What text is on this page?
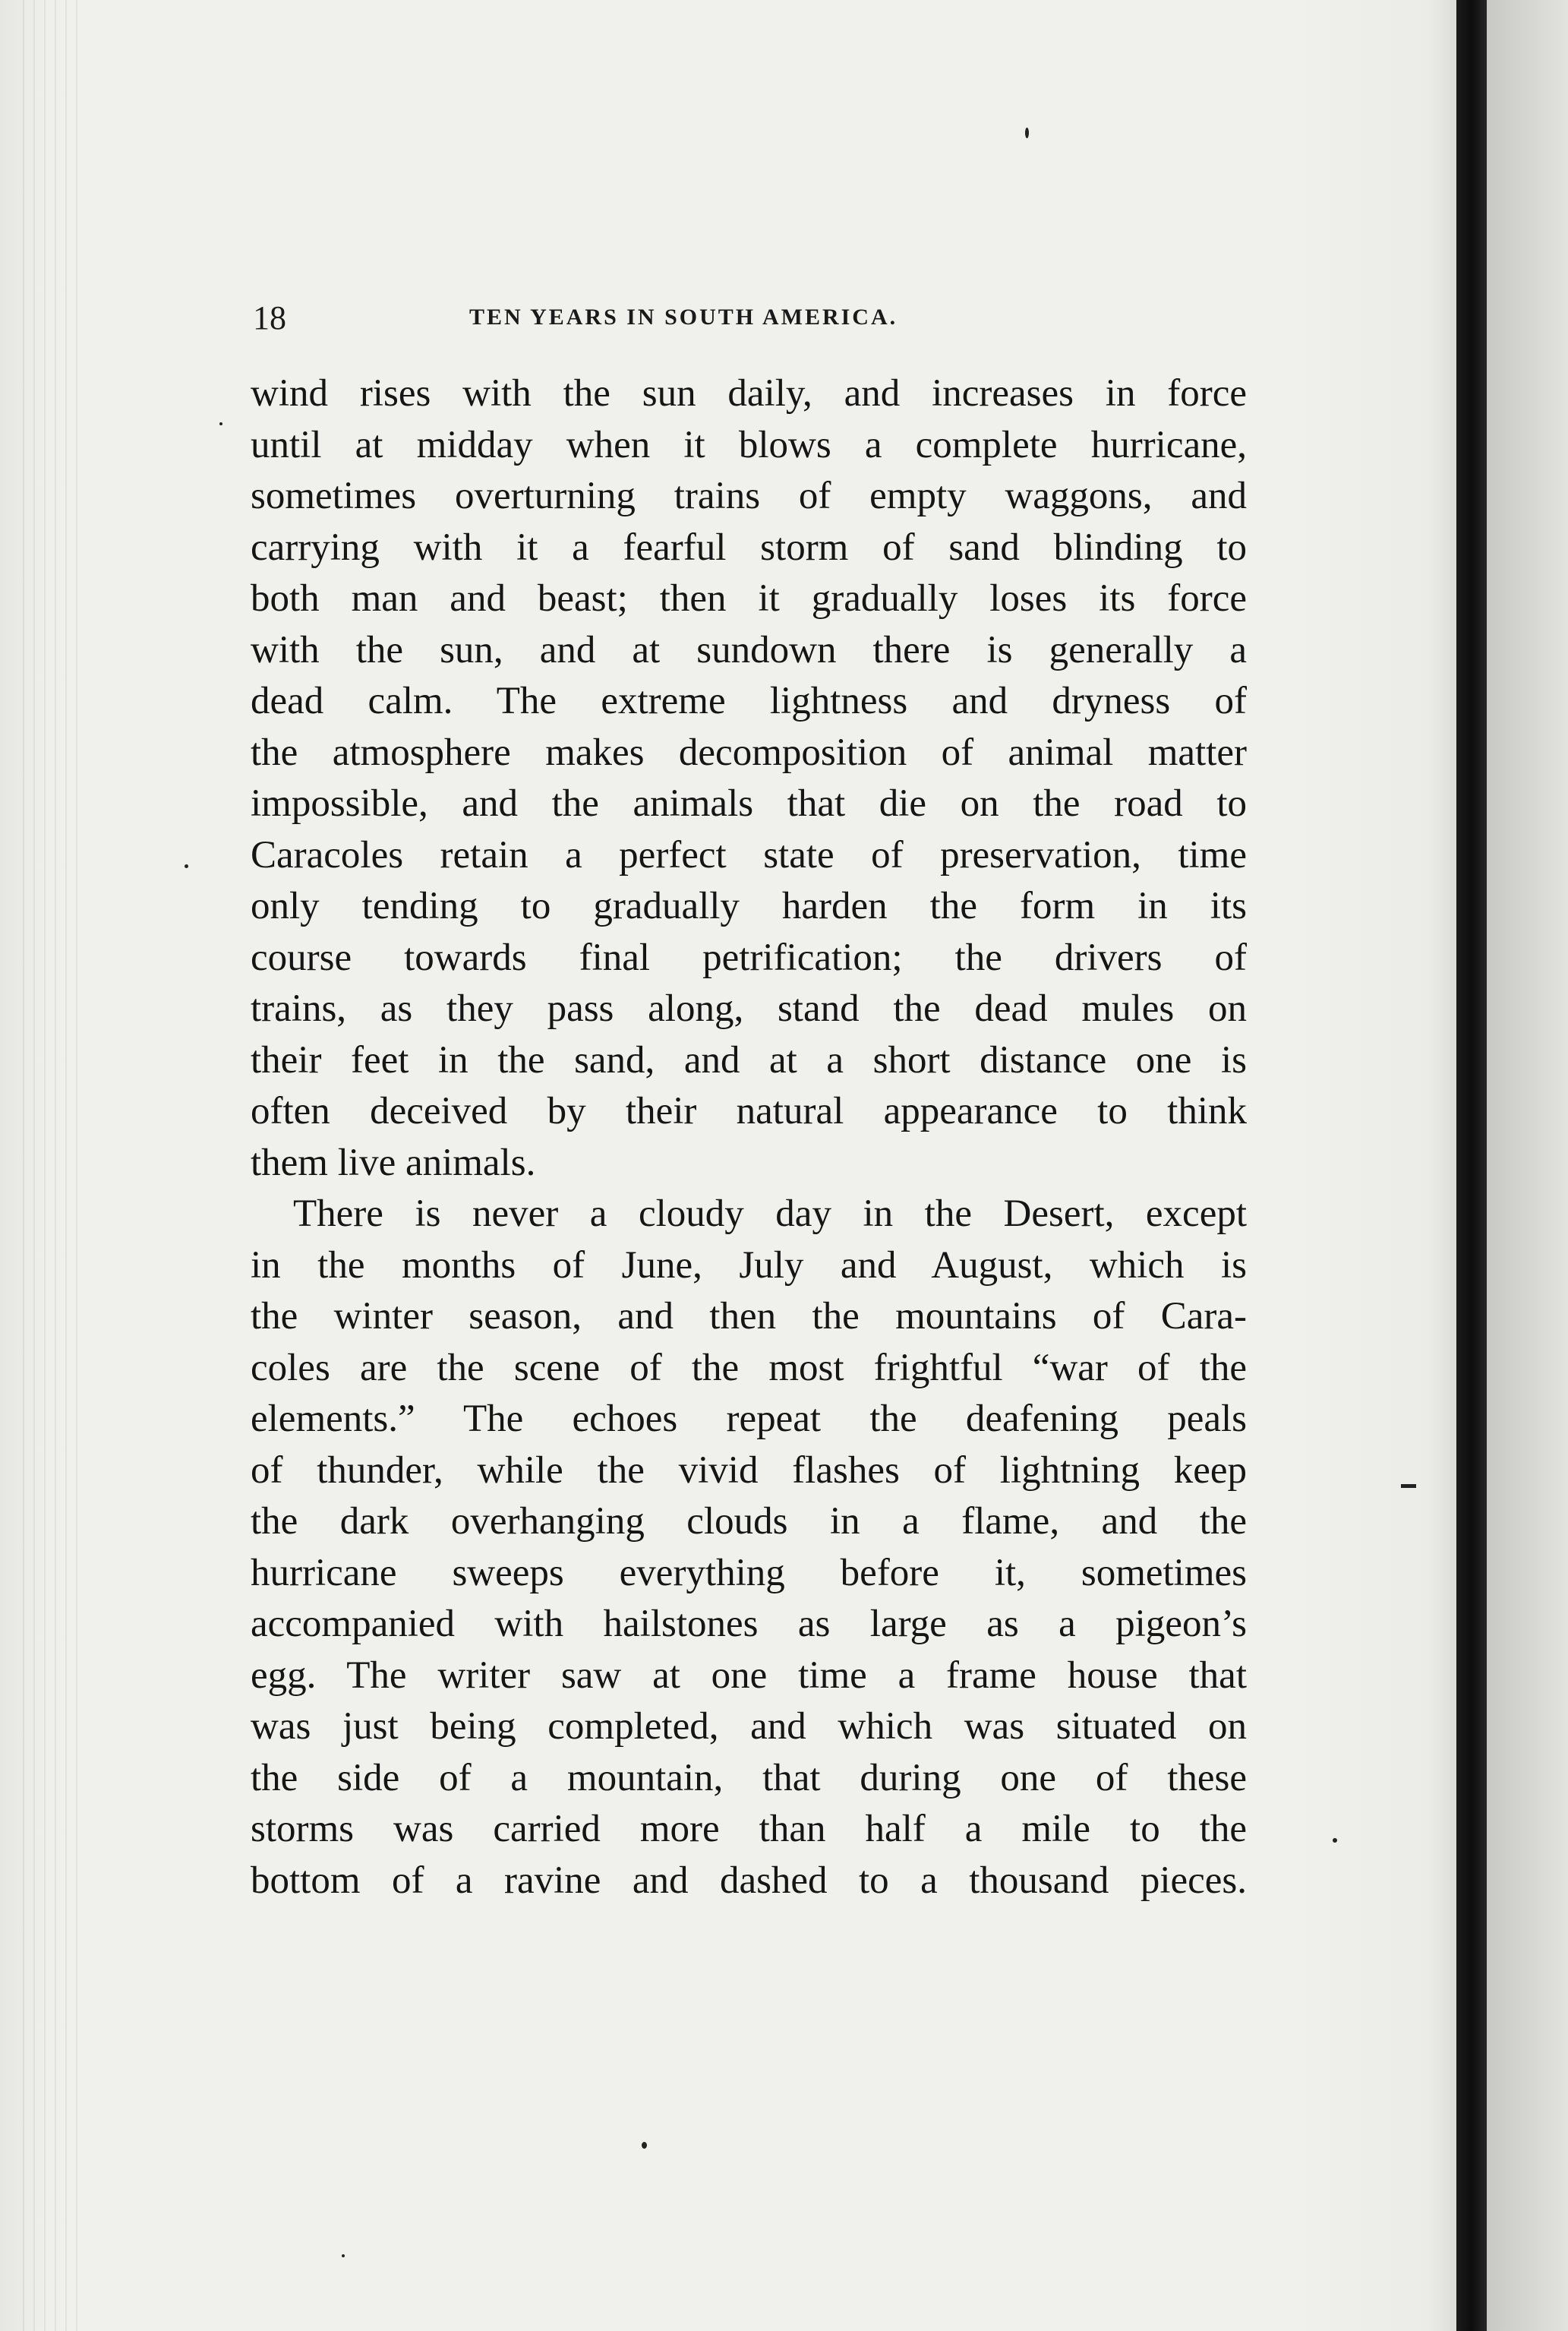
18	TEN YEARS IN SOUTH AMERICA.

wind rises with the sun daily, and increases in force
until at midday when it blows a complete hurricane,
sometimes overturning trains of empty waggons, and
carrying with it a fearful storm of sand blinding to
both man and beast; then it gradually loses its force
with the sun, and at sundown there is generally a
dead calm. The extreme lightness and dryness of
the atmosphere makes decomposition of animal matter
impossible, and the animals that die on the road to
Caracoles retain a perfect state of preservation, time
only tending to gradually harden the form in its
course towards final petrification; the drivers of
trains, as they pass along, stand the dead mules on
their feet in the sand, and at a short distance one is
often deceived by their natural appearance to think
them live animals.

There is never a cloudy day in the Desert, except
in the months of June, July and August, which is
the winter season, and then the mountains of Cara-
coles are the scene of the most frightful “war of the
elements.” The echoes repeat the deafening peals
of thunder, while the vivid flashes of lightning keep
the dark overhanging clouds in a flame, and the
hurricane sweeps everything before it, sometimes
accompanied with hailstones as large as a pigeon’s
egg. The writer saw at one time a frame house that
was just being completed, and which was situated on
the side of a mountain, that during one of these
storms was carried more than half a mile to the
bottom of a ravine and dashed to a thousand pieces.
